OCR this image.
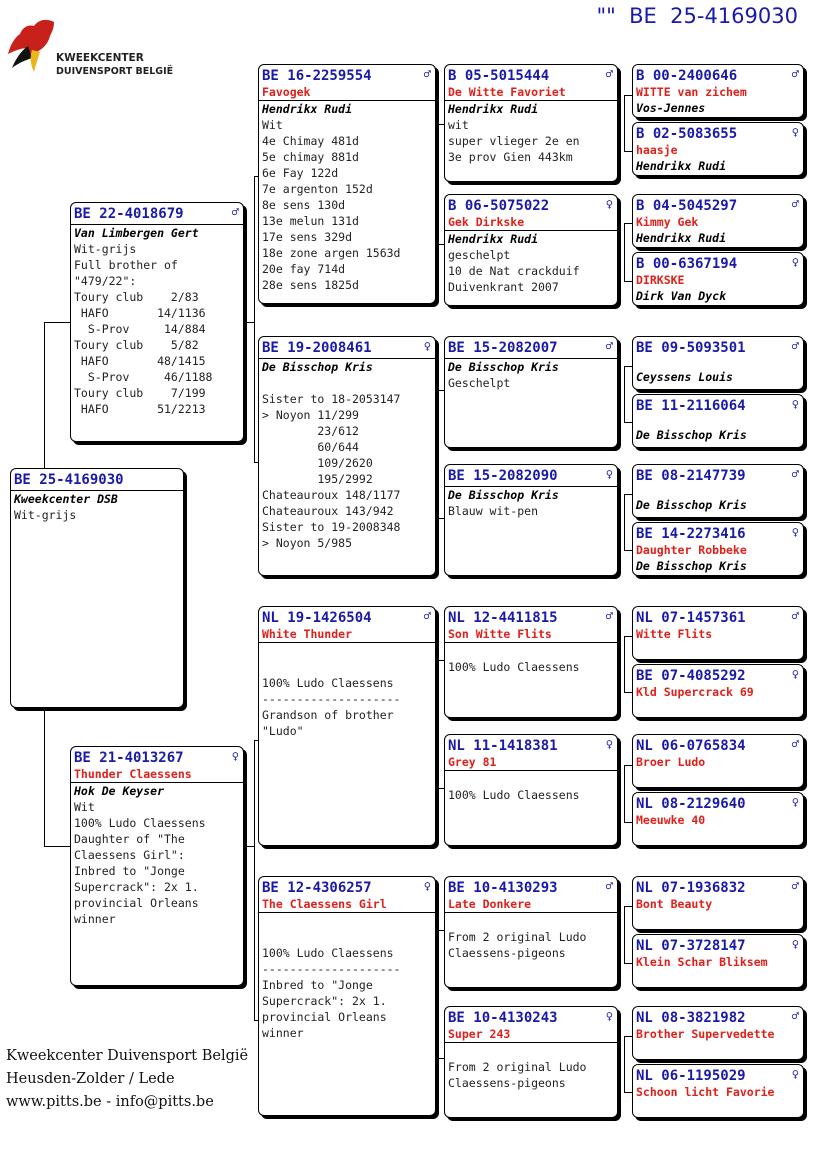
""  BE  25-4169030
KWEEKCENTER
DUIVENSPORT BELGIË
BE 25-4169030
Kweekcenter DSB
Wit-grijs
BE 22-4018679	♂
Van Limbergen Gert
Wit-grijs
Full brother of
"479/22":
Toury club    2/83
HAFO       14/1136
S-Prov     14/884
Toury club    5/82
HAFO       48/1415
S-Prov     46/1188
Toury club    7/199
HAFO       51/2213
BE 21-4013267	♀
Thunder Claessens
Hok De Keyser
Wit
100% Ludo Claessens
Daughter of "The
Claessens Girl":
Inbred to "Jonge
Supercrack": 2x 1.
provincial Orleans
winner
BE 16-2259554	♂
Favogek
Hendrikx Rudi
Wit
4e Chimay 481d
5e chimay 881d
6e Fay 122d
7e argenton 152d
8e sens 130d
13e melun 131d
17e sens 329d
18e zone argen 1563d
20e fay 714d
28e sens 1825d
BE 19-2008461	♀
De Bisschop Kris

Sister to 18-2053147
> Noyon 11/299
23/612
60/644
109/2620
195/2992
Chateauroux 148/1177
Chateauroux 143/942
Sister to 19-2008348
> Noyon 5/985
NL 19-1426504	♂
White Thunder

100% Ludo Claessens
--------------------
Grandson of brother
"Ludo"
BE 12-4306257	♀
The Claessens Girl

100% Ludo Claessens
--------------------
Inbred to "Jonge
Supercrack": 2x 1.
provincial Orleans
winner
B 05-5015444	♂
De Witte Favoriet
Hendrikx Rudi
wit
super vlieger 2e en
3e prov Gien 443km
B 06-5075022	♀
Gek Dirkske
Hendrikx Rudi
geschelpt
10 de Nat crackduif
Duivenkrant 2007
BE 15-2082007	♂
De Bisschop Kris
Geschelpt
BE 15-2082090	♀
De Bisschop Kris
Blauw wit-pen
NL 12-4411815	♂
Son Witte Flits

100% Ludo Claessens
NL 11-1418381	♀
Grey 81

100% Ludo Claessens
BE 10-4130293	♂
Late Donkere

From 2 original Ludo
Claessens-pigeons
BE 10-4130243	♀
Super 243

From 2 original Ludo
Claessens-pigeons
B 00-2400646	♂
WITTE van zichem
Vos-Jennes
B 02-5083655	♀
haasje
Hendrikx Rudi
B 04-5045297	♂
Kimmy Gek
Hendrikx Rudi
B 00-6367194	♀
DIRKSKE
Dirk Van Dyck
BE 09-5093501	♂
Ceyssens Louis
BE 11-2116064	♀
De Bisschop Kris
BE 08-2147739	♂
De Bisschop Kris
BE 14-2273416	♀
Daughter Robbeke
De Bisschop Kris
NL 07-1457361	♂
Witte Flits
BE 07-4085292	♀
Kld Supercrack 69
NL 06-0765834	♂
Broer Ludo
NL 08-2129640	♀
Meeuwke 40
NL 07-1936832	♂
Bont Beauty
NL 07-3728147	♀
Klein Schar Bliksem
NL 08-3821982	♂
Brother Supervedette
NL 06-1195029	♀
Schoon licht Favorie
Kweekcenter Duivensport België
Heusden-Zolder / Lede
www.pitts.be - info@pitts.be
